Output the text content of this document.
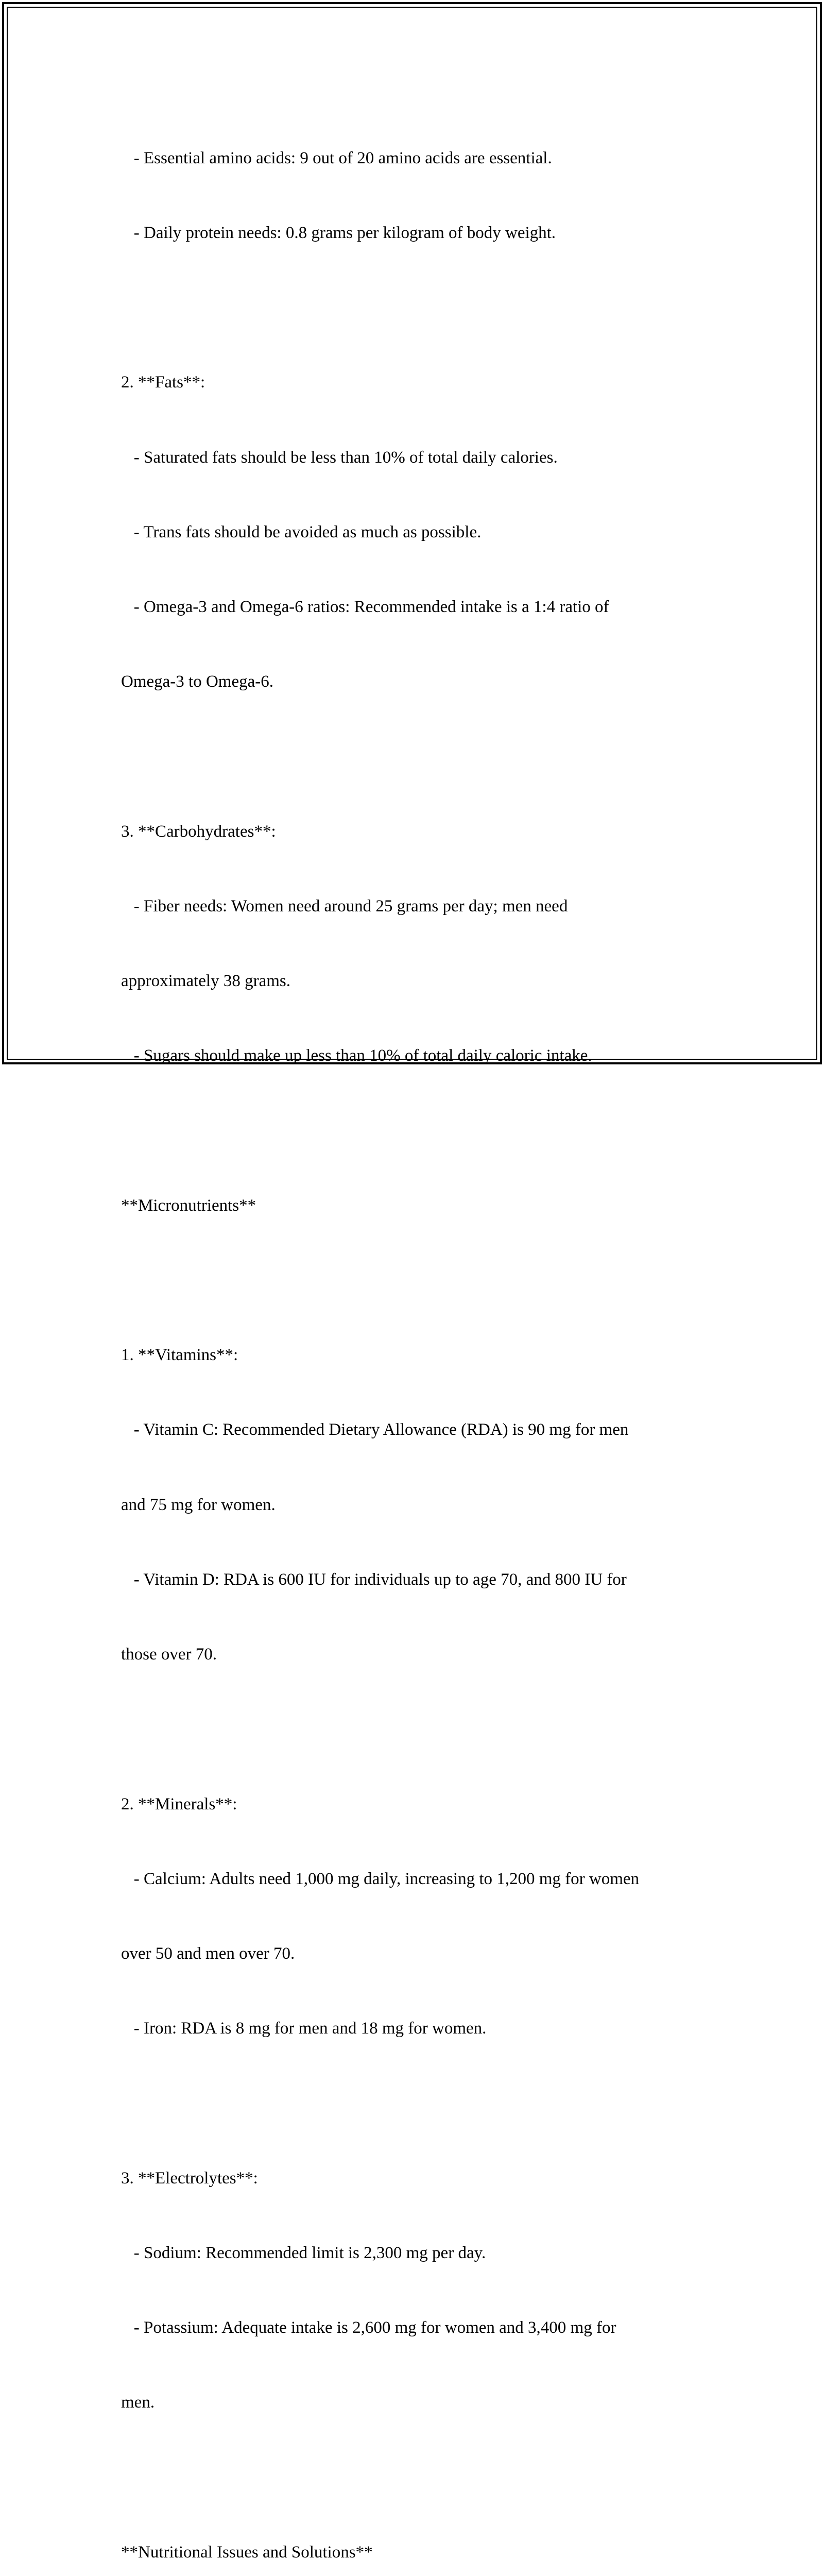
- Essential amino acids: 9 out of 20 amino acids are essential.

- Daily protein needs: 0.8 grams per kilogram of body weight.

2. **Fats**:

- Saturated fats should be less than 10% of total daily calories.

- Trans fats should be avoided as much as possible.

- Omega-3 and Omega-6 ratios: Recommended intake is a 1:4 ratio of

Omega-3 to Omega-6.

3. **Carbohydrates**:

- Fiber needs: Women need around 25 grams per day; men need

approximately 38 grams.

- Sugars should make up less than 10% of total daily caloric intake.

**Micronutrients**

1. **Vitamins**:

- Vitamin C: Recommended Dietary Allowance (RDA) is 90 mg for men

and 75 mg for women.

- Vitamin D: RDA is 600 IU for individuals up to age 70, and 800 IU for

those over 70.

2. **Minerals**:

- Calcium: Adults need 1,000 mg daily, increasing to 1,200 mg for women

over 50 and men over 70.

- Iron: RDA is 8 mg for men and 18 mg for women.

3. **Electrolytes**:

- Sodium: Recommended limit is 2,300 mg per day.

- Potassium: Adequate intake is 2,600 mg for women and 3,400 mg for

men.

**Nutritional Issues and Solutions**
